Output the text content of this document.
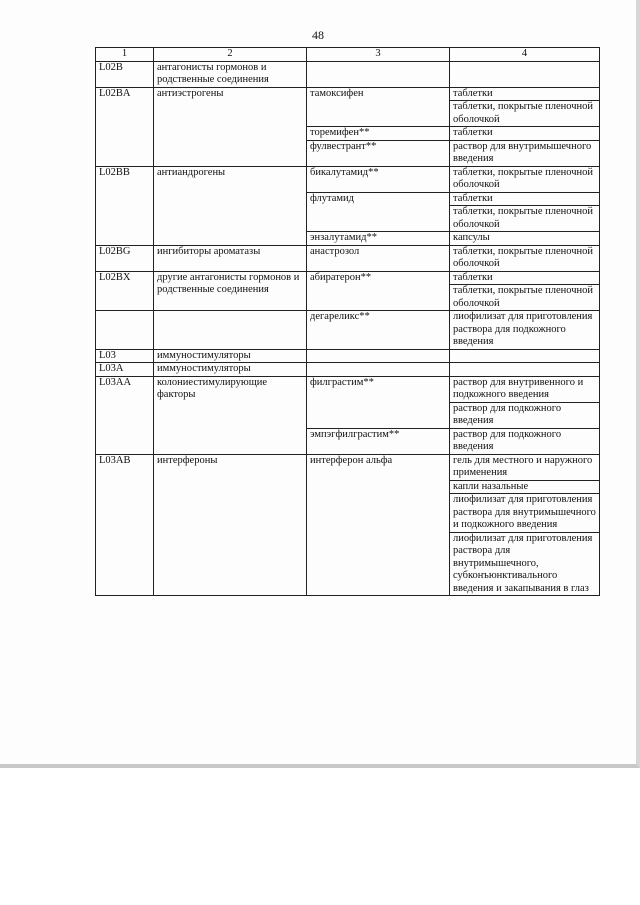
48
1	2	3	4
L02B	антагонисты гормонов и родственные соединения		
L02BA	антиэстрогены	тамоксифен	таблетки
			таблетки, покрытые пленочной оболочкой
		торемифен**	таблетки
		фулвестрант**	раствор для внутримышечного введения
L02BB	антиандрогены	бикалутамид**	таблетки, покрытые пленочной оболочкой
		флутамид	таблетки
			таблетки, покрытые пленочной оболочкой
		энзалутамид**	капсулы
L02BG	ингибиторы ароматазы	анастрозол	таблетки, покрытые пленочной оболочкой
L02BX	другие антагонисты гормонов и родственные соединения	абиратерон**	таблетки
			таблетки, покрытые пленочной оболочкой
		дегареликс**	лиофилизат для приготовления раствора для подкожного введения
L03	иммуностимуляторы		
L03A	иммуностимуляторы		
L03AA	колониестимулирующие факторы	филграстим**	раствор для внутривенного и подкожного введения
			раствор для подкожного введения
		эмпэгфилграстим**	раствор для подкожного введения
L03AB	интерфероны	интерферон альфа	гель для местного и наружного применения
			капли назальные
			лиофилизат для приготовления раствора для внутримышечного и подкожного введения
			лиофилизат для приготовления раствора для внутримышечного, субконъюнктивального введения и закапывания в глаз
